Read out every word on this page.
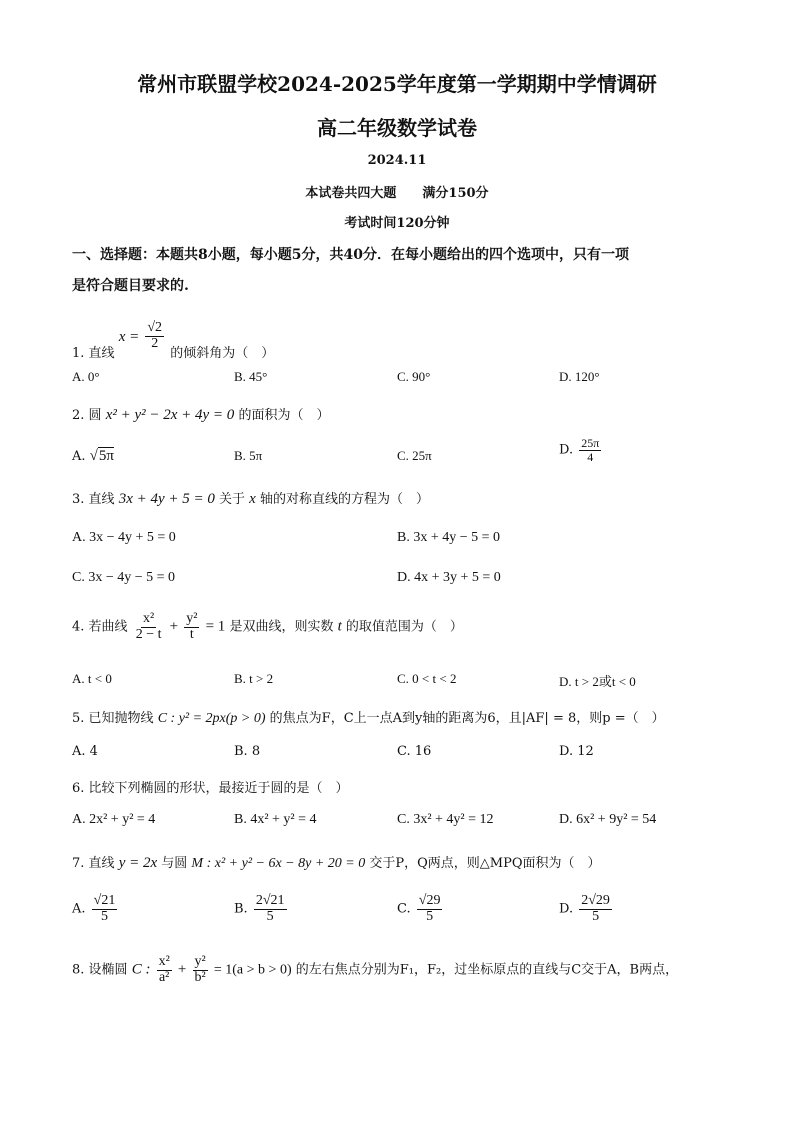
常州市联盟学校2024-2025学年度第一学期期中学情调研
高二年级数学试卷
2024.11
本试卷共四大题　　满分150分
考试时间120分钟
一、选择题：本题共8小题，每小题5分，共40分．在每小题给出的四个选项中，只有一项
是符合题目要求的.
1. 直线 $x = \frac{√2}{2}$
的倾斜角为（　）
A. 0°	B. 45°	C. 90°	D. 120°
2. 圆 x² + y² − 2x + 4y = 0 的面积为（　）
A. √5π	B. 5π	C. 25π	D. $\frac{25\pi}{4}$
3. 直线 3x + 4y + 5 = 0 关于 x 轴的对称直线的方程为（　）
A. 3x − 4y + 5 = 0	B. 3x + 4y − 5 = 0
C. 3x − 4y − 5 = 0	D. 4x + 3y + 5 = 0
4. 若曲线 $\frac{\text{x²}}{2 - t} + \frac{\text{y²}}{t} = 1$ 是双曲线，则实数 t 的取值范围为（　）
A. t < 0	B. t > 2	C. 0 < t < 2	D. t > 2或t < 0
5. 已知抛物线 C : y² = 2px(p > 0) 的焦点为F，C上一点A到y轴的距离为6，且|AF| = 8，则p =（　）
A. 4	B. 8	C. 16	D. 12
6. 比较下列椭圆的形状，最接近于圆的是（　）
A. 2x² + y² = 4	B. 4x² + y² = 4	C. 3x² + 4y² = 12	D. 6x² + 9y² = 54
7. 直线 y = 2x 与圆 M : x² + y² − 6x − 8y + 20 = 0 交于P，Q两点，则△MPQ面积为（　）
A. $\frac{√21}{5}$	B. $\frac{2√21}{5}$	C. $\frac{√29}{5}$	D. $\frac{2√29}{5}$
8. 设椭圆 C : $\frac{\text{x²}}{\text{a²}} + \frac{\text{y²}}{\text{b²}} = 1(a > b > 0)$ 的左右焦点分别为F₁，F₂，过坐标原点的直线与C交于A，B两点，
